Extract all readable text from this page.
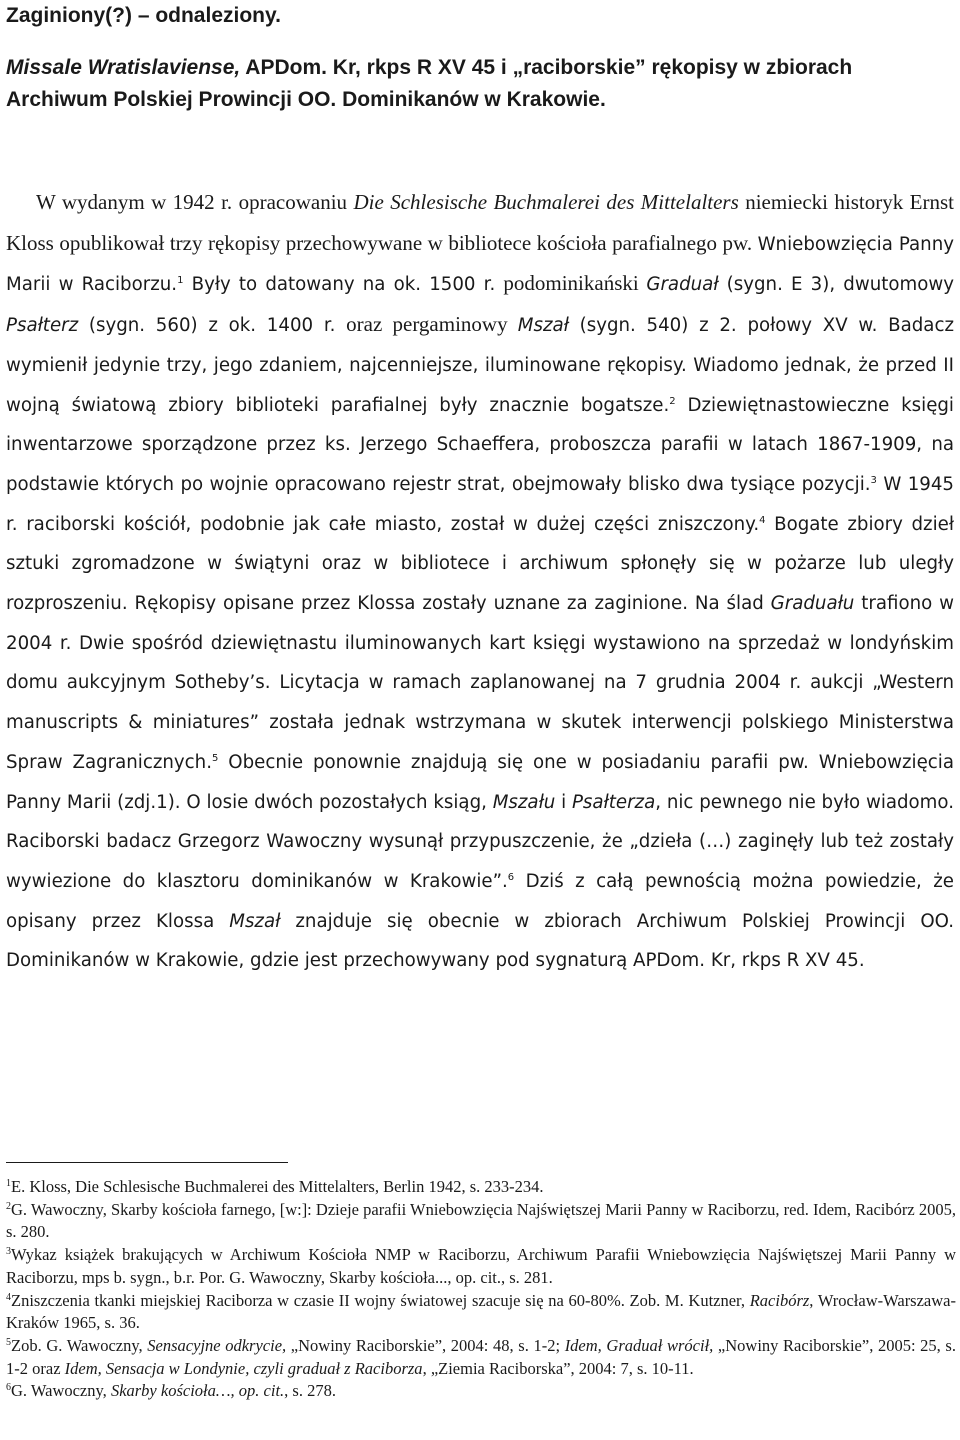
Zaginiony(?) – odnaleziony.
Missale Wratislaviense, APDom. Kr, rkps R XV 45 i „raciborskie” rękopisy w zbiorach Archiwum Polskiej Prowincji OO. Dominikanów w Krakowie.
W wydanym w 1942 r. opracowaniu Die Schlesische Buchmalerei des Mittelalters niemiecki historyk Ernst Kloss opublikował trzy rękopisy przechowywane w bibliotece kościoła parafialnego pw. Wniebowzięcia Panny Marii w Raciborzu.$^1$ Były to datowany na ok. 1500 r. podominikański Graduał (sygn. E 3), dwutomowy Psałterz (sygn. 560) z ok. 1400 r. oraz pergaminowy Mszał (sygn. 540) z 2. połowy XV w. Badacz wymienił jedynie trzy, jego zdaniem, najcenniejsze, iluminowane rękopisy. Wiadomo jednak, że przed II wojną światową zbiory biblioteki parafialnej były znacznie bogatsze.$^2$ Dziewiętnastowieczne księgi inwentarzowe sporządzone przez ks. Jerzego Schaeffera, proboszcza parafii w latach 1867-1909, na podstawie których po wojnie opracowano rejestr strat, obejmowały blisko dwa tysiące pozycji.$^3$ W 1945 r. raciborski kościół, podobnie jak całe miasto, został w dużej części zniszczony.$^4$ Bogate zbiory dzieł sztuki zgromadzone w świątyni oraz w bibliotece i archiwum spłonęły się w pożarze lub uległy rozproszeniu. Rękopisy opisane przez Klossa zostały uznane za zaginione. Na ślad Graduału trafiono w 2004 r. Dwie spośród dziewiętnastu iluminowanych kart księgi wystawiono na sprzedaż w londyńskim domu aukcyjnym Sotheby’s. Licytacja w ramach zaplanowanej na 7 grudnia 2004 r. aukcji „Western manuscripts & miniatures” została jednak wstrzymana w skutek interwencji polskiego Ministerstwa Spraw Zagranicznych.$^5$ Obecnie ponownie znajdują się one w posiadaniu parafii pw. Wniebowzięcia Panny Marii (zdj.1). O losie dwóch pozostałych ksiąg, Mszału i Psałterza, nic pewnego nie było wiadomo. Raciborski badacz Grzegorz Wawoczny wysunął przypuszczenie, że „dzieła (…) zaginęły lub też zostały wywiezione do klasztoru dominikanów w Krakowie”.$^6$ Dziś z całą pewnością można powiedzie, że opisany przez Klossa Mszał znajduje się obecnie w zbiorach Archiwum Polskiej Prowincji OO. Dominikanów w Krakowie, gdzie jest przechowywany pod sygnaturą APDom. Kr, rkps R XV 45.

$^1$E. Kloss, Die Schlesische Buchmalerei des Mittelalters, Berlin 1942, s. 233-234.

$^2$G. Wawoczny, Skarby kościoła farnego, [w:]: Dzieje parafii Wniebowzięcia Najświętszej Marii Panny w Raciborzu, red. Idem, Racibórz 2005, s. 280.

$^3$Wykaz książek brakujących w Archiwum Kościoła NMP w Raciborzu, Archiwum Parafii Wniebowzięcia Najświętszej Marii Panny w Raciborzu, mps b. sygn., b.r. Por. G. Wawoczny, Skarby kościoła..., op. cit., s. 281.

$^4$Zniszczenia tkanki miejskiej Raciborza w czasie II wojny światowej szacuje się na 60-80%. Zob. M. Kutzner, Racibórz, Wrocław-Warszawa-Kraków 1965, s. 36.

$^5$Zob. G. Wawoczny, Sensacyjne odkrycie, „Nowiny Raciborskie”, 2004: 48, s. 1-2; Idem, Graduał wrócił, „Nowiny Raciborskie”, 2005: 25, s. 1-2 oraz Idem, Sensacja w Londynie, czyli graduał z Raciborza, „Ziemia Raciborska”, 2004: 7, s. 10-11.

$^6$G. Wawoczny, Skarby kościoła…, op. cit., s. 278.
